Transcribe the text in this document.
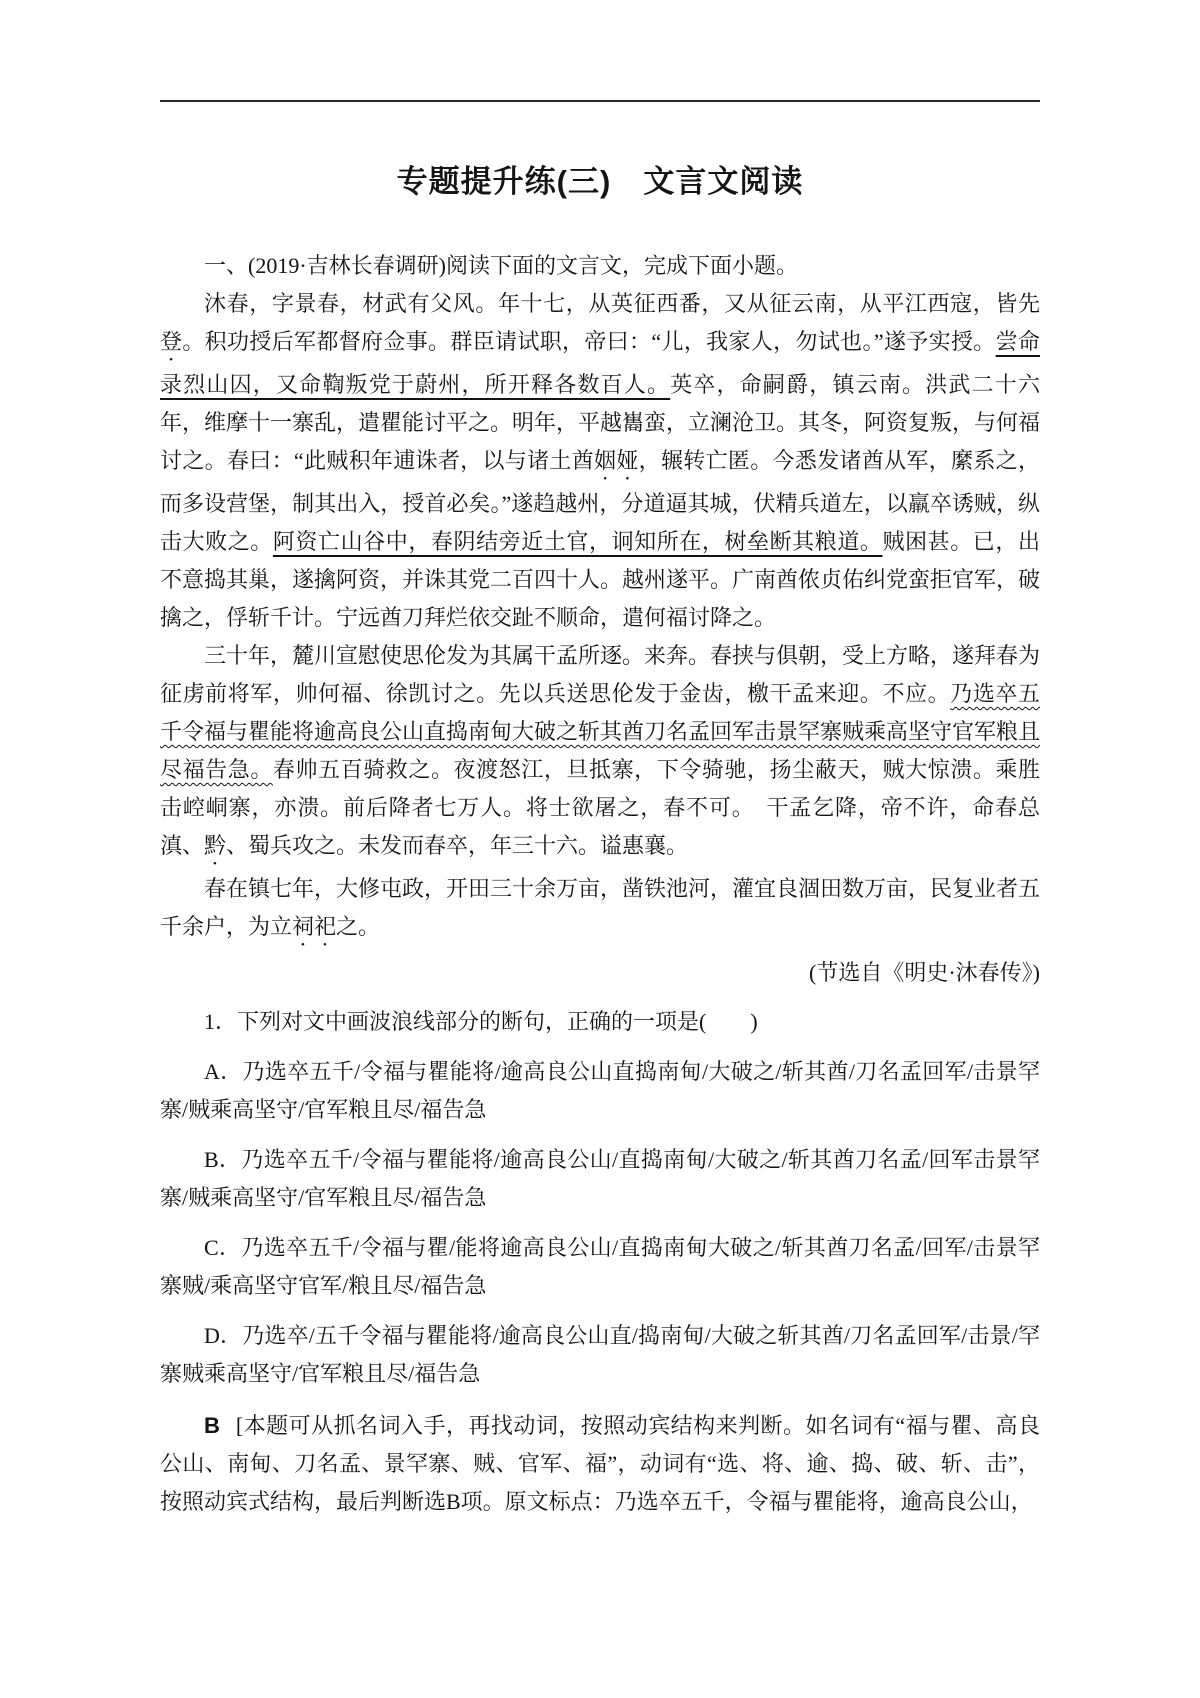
专题提升练(三)　文言文阅读

一、(2019·吉林长春调研)阅读下面的文言文，完成下面小题。

沐春，字景春，材武有父风。年十七，从英征西番，又从征云南，从平江西寇，皆先登。积功授后军都督府佥事。群臣请试职，帝曰：“儿，我家人，勿试也。”遂予实授。尝命录烈山囚，又命鞫叛党于蔚州，所开释各数百人。英卒，命嗣爵，镇云南。洪武二十六年，维摩十一寨乱，遣瞿能讨平之。明年，平越巂蛮，立澜沧卫。其冬，阿资复叛，与何福讨之。春曰：“此贼积年逋诛者，以与诸土酋姻娅，辗转亡匿。今悉发诸酋从军，縻系之，而多设营堡，制其出入，授首必矣。”遂趋越州，分道逼其城，伏精兵道左，以羸卒诱贼，纵击大败之。阿资亡山谷中，春阴结旁近土官，诇知所在，树垒断其粮道。贼困甚。已，出不意捣其巢，遂擒阿资，并诛其党二百四十人。越州遂平。广南酋侬贞佑纠党蛮拒官军，破擒之，俘斩千计。宁远酋刀拜烂依交趾不顺命，遣何福讨降之。

三十年，麓川宣慰使思伦发为其属干孟所逐。来奔。春挟与俱朝，受上方略，遂拜春为征虏前将军，帅何福、徐凯讨之。先以兵送思伦发于金齿，檄干孟来迎。不应。乃选卒五千令福与瞿能将逾高良公山直捣南甸大破之斩其酋刀名孟回军击景罕寨贼乘高坚守官军粮且尽福告急。春帅五百骑救之。夜渡怒江，旦抵寨，下令骑驰，扬尘蔽天，贼大惊溃。乘胜击崆峒寨，亦溃。前后降者七万人。将士欲屠之，春不可。　干孟乞降，帝不许，命春总滇、黔、蜀兵攻之。未发而春卒，年三十六。谥惠襄。

春在镇七年，大修屯政，开田三十余万亩，凿铁池河，灌宜良涸田数万亩，民复业者五千余户，为立祠祀之。

(节选自《明史·沐春传》)

1．下列对文中画波浪线部分的断句，正确的一项是(　　)

A．乃选卒五千/令福与瞿能将/逾高良公山直捣南甸/大破之/斩其酋/刀名孟回军/击景罕寨/贼乘高坚守/官军粮且尽/福告急

B．乃选卒五千/令福与瞿能将/逾高良公山/直捣南甸/大破之/斩其酋刀名孟/回军击景罕寨/贼乘高坚守/官军粮且尽/福告急

C．乃选卒五千/令福与瞿/能将逾高良公山/直捣南甸大破之/斩其酋刀名孟/回军/击景罕寨贼/乘高坚守官军/粮且尽/福告急

D．乃选卒/五千令福与瞿能将/逾高良公山直/捣南甸/大破之斩其酋/刀名孟回军/击景/罕寨贼乘高坚守/官军粮且尽/福告急

B [本题可从抓名词入手，再找动词，按照动宾结构来判断。如名词有“福与瞿、高良公山、南甸、刀名孟、景罕寨、贼、官军、福”，动词有“选、将、逾、捣、破、斩、击”，按照动宾式结构，最后判断选B项。原文标点：乃选卒五千，令福与瞿能将，逾高良公山，
